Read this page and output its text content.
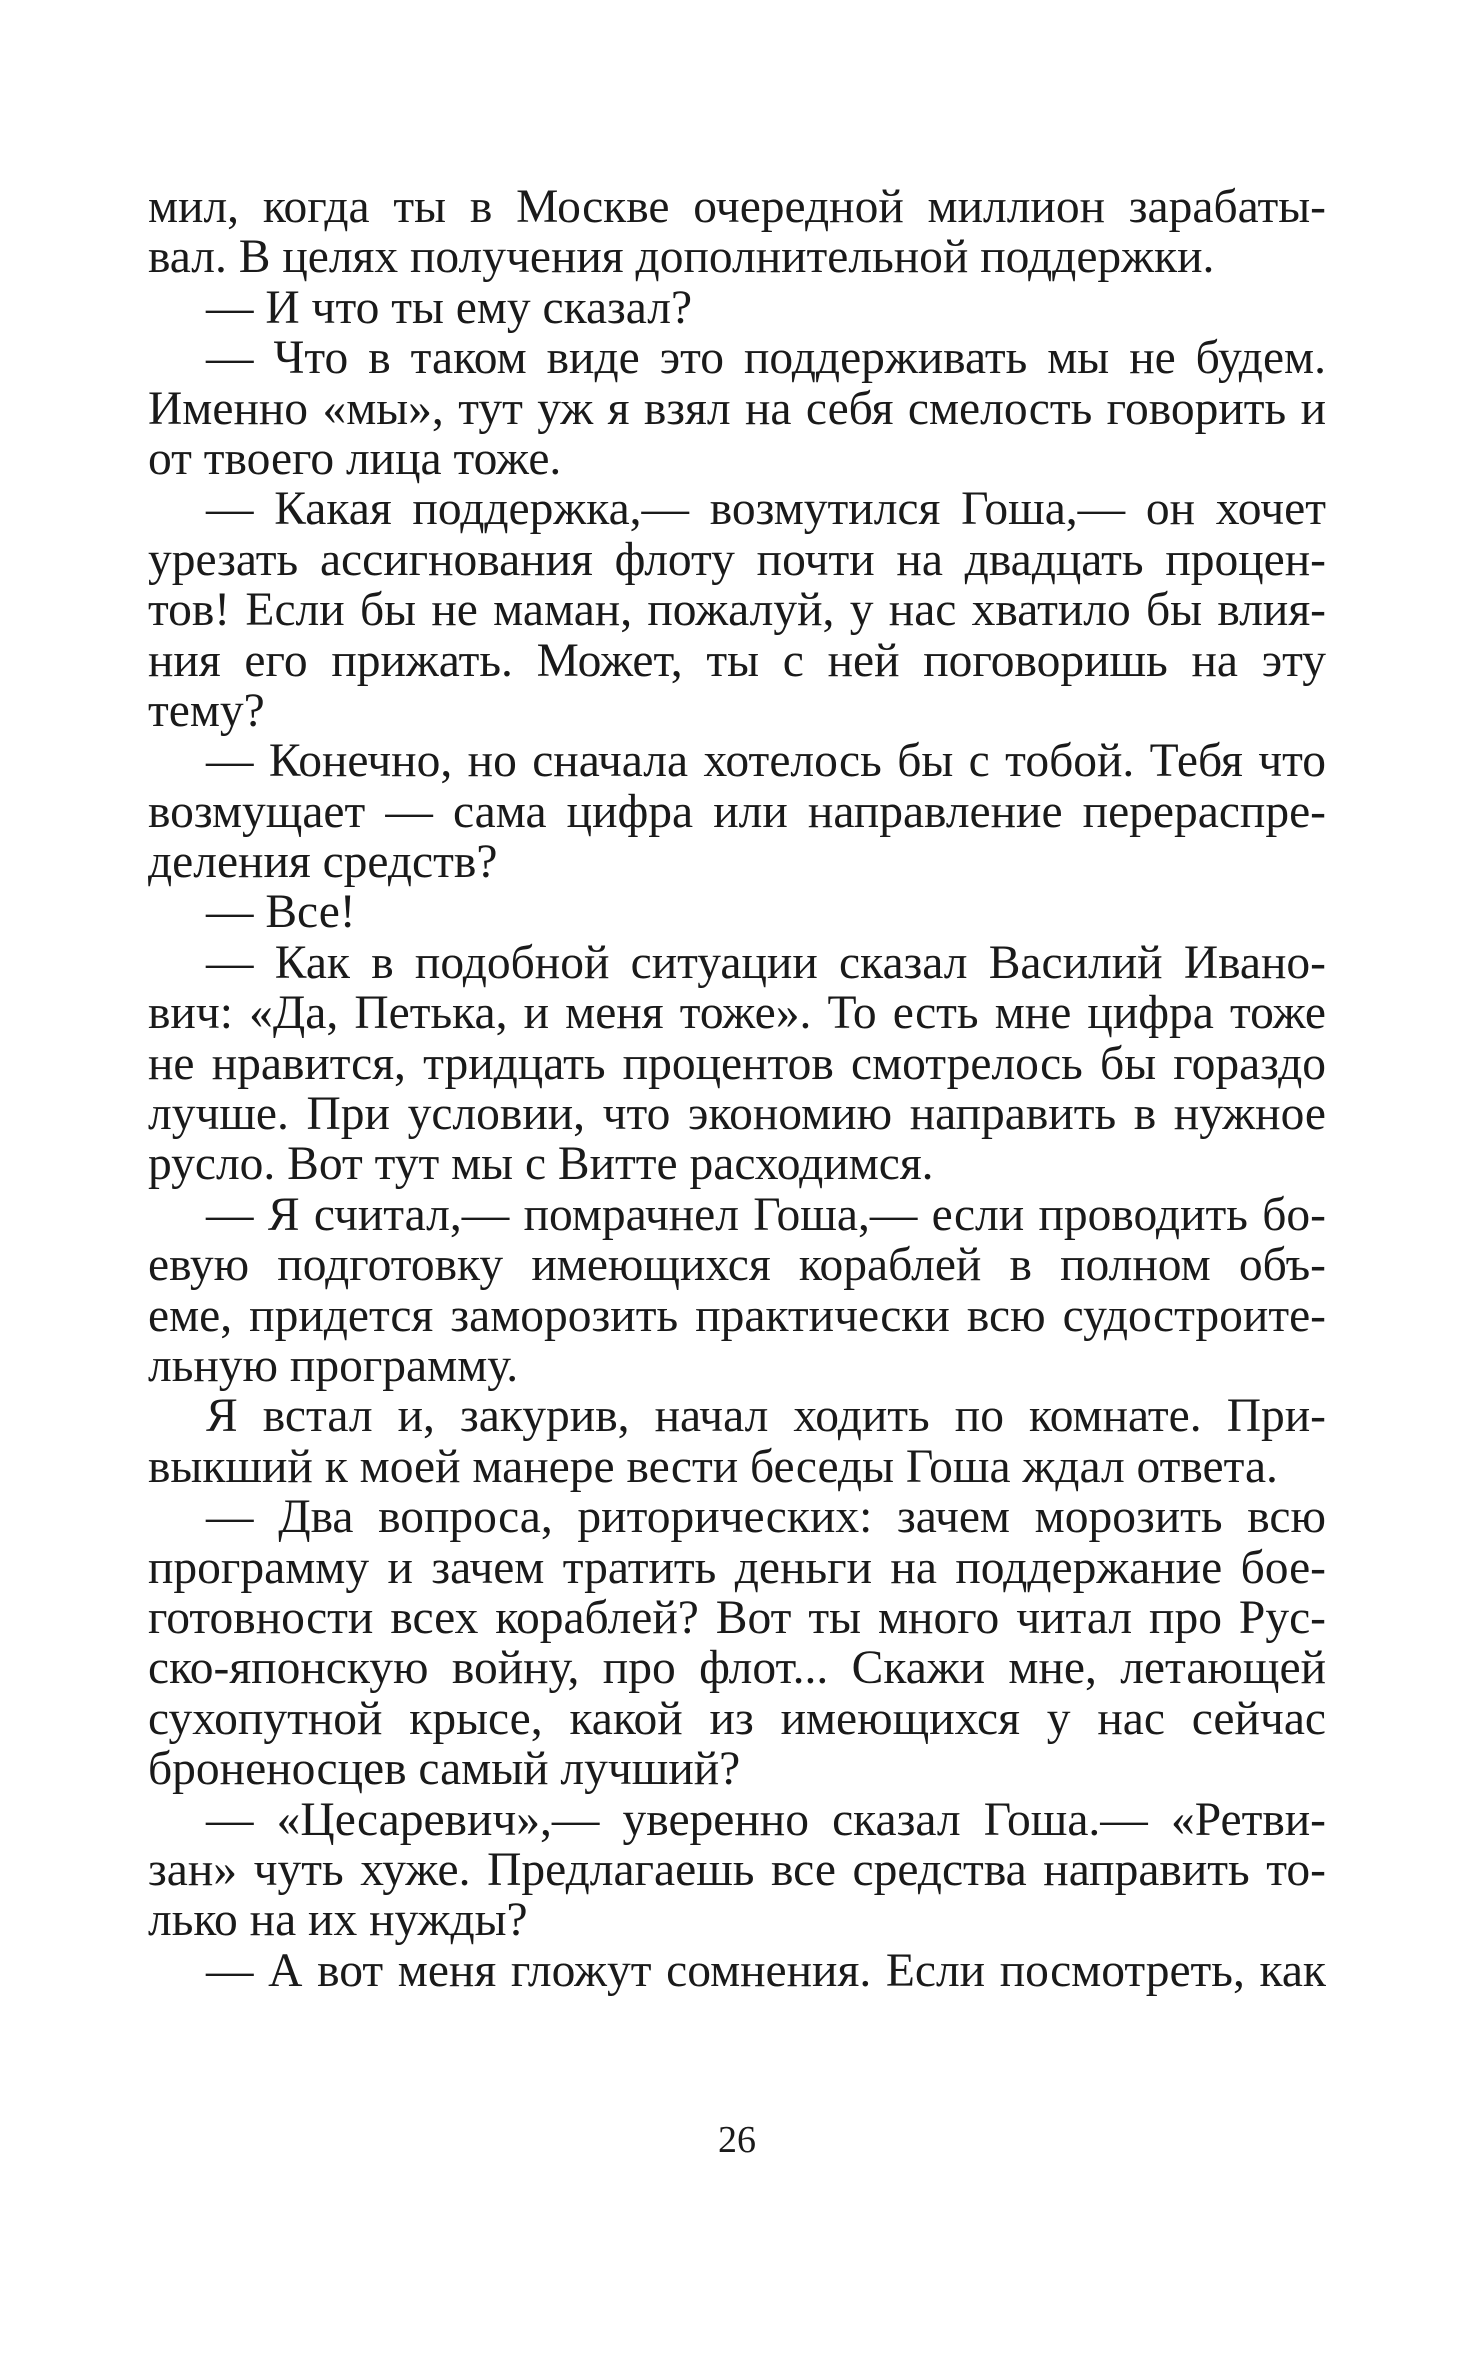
мил, когда ты в Москве очередной миллион зарабаты-
вал. В целях получения дополнительной поддержки.
— И что ты ему сказал?
— Что в таком виде это поддерживать мы не будем.
Именно «мы», тут уж я взял на себя смелость говорить и
от твоего лица тоже.
— Какая поддержка,— возмутился Гоша,— он хочет
урезать ассигнования флоту почти на двадцать процен-
тов! Если бы не маман, пожалуй, у нас хватило бы влия-
ния его прижать. Может, ты с ней поговоришь на эту
тему?
— Конечно, но сначала хотелось бы с тобой. Тебя что
возмущает — сама цифра или направление перераспре-
деления средств?
— Все!
— Как в подобной ситуации сказал Василий Ивано-
вич: «Да, Петька, и меня тоже». То есть мне цифра тоже
не нравится, тридцать процентов смотрелось бы гораздо
лучше. При условии, что экономию направить в нужное
русло. Вот тут мы с Витте расходимся.
— Я считал,— помрачнел Гоша,— если проводить бо-
евую подготовку имеющихся кораблей в полном объ-
еме, придется заморозить практически всю судостроите-
льную программу.
Я встал и, закурив, начал ходить по комнате. При-
выкший к моей манере вести беседы Гоша ждал ответа.
— Два вопроса, риторических: зачем морозить всю
программу и зачем тратить деньги на поддержание бое-
готовности всех кораблей? Вот ты много читал про Рус-
ско-японскую войну, про флот... Скажи мне, летающей
сухопутной крысе, какой из имеющихся у нас сейчас
броненосцев самый лучший?
— «Цесаревич»,— уверенно сказал Гоша.— «Ретви-
зан» чуть хуже. Предлагаешь все средства направить то-
лько на их нужды?
— А вот меня гложут сомнения. Если посмотреть, как
26
